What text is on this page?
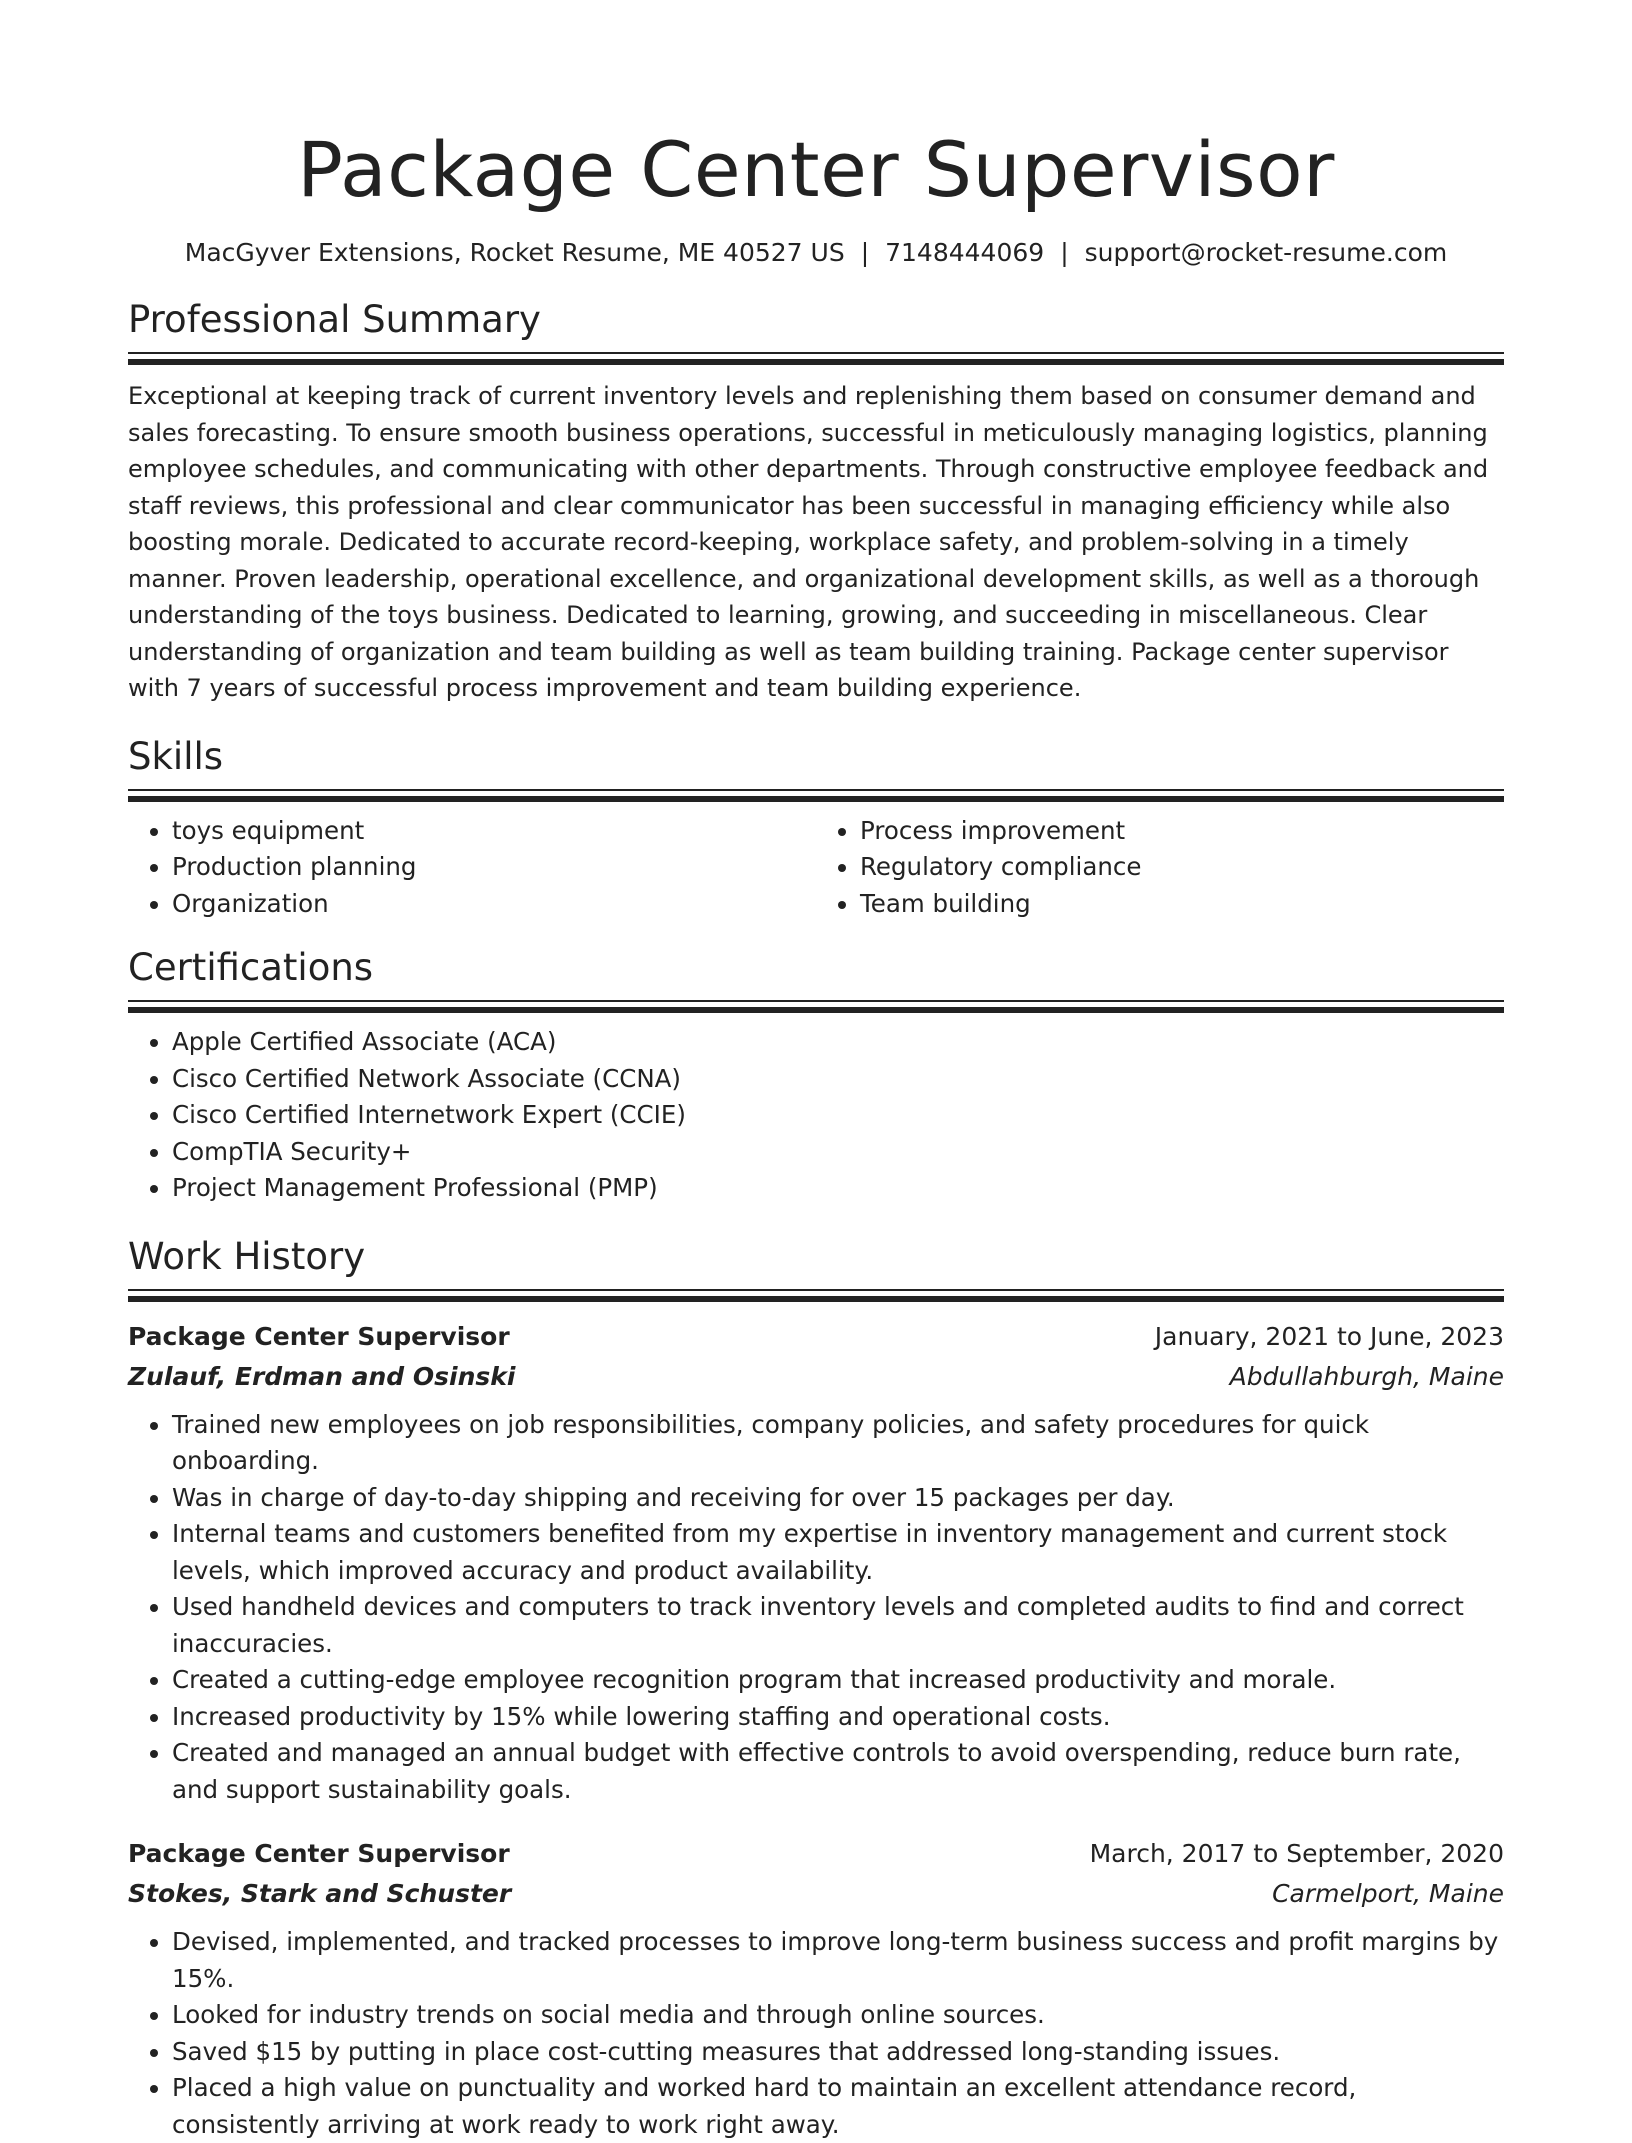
Package Center Supervisor
MacGyver Extensions, Rocket Resume, ME 40527 US | 7148444069 | support@rocket-resume.com
Professional Summary
Exceptional at keeping track of current inventory levels and replenishing them based on consumer demand and sales forecasting. To ensure smooth business operations, successful in meticulously managing logistics, planning employee schedules, and communicating with other departments. Through constructive employee feedback and staff reviews, this professional and clear communicator has been successful in managing efficiency while also boosting morale. Dedicated to accurate record-keeping, workplace safety, and problem-solving in a timely manner. Proven leadership, operational excellence, and organizational development skills, as well as a thorough understanding of the toys business. Dedicated to learning, growing, and succeeding in miscellaneous. Clear understanding of organization and team building as well as team building training. Package center supervisor with 7 years of successful process improvement and team building experience.
Skills
• toys equipment
• Production planning
• Organization
• Process improvement
• Regulatory compliance
• Team building
Certifications
• Apple Certified Associate (ACA)
• Cisco Certified Network Associate (CCNA)
• Cisco Certified Internetwork Expert (CCIE)
• CompTIA Security+
• Project Management Professional (PMP)
Work History
Package Center Supervisor	January, 2021 to June, 2023
Zulauf, Erdman and Osinski	Abdullahburgh, Maine
• Trained new employees on job responsibilities, company policies, and safety procedures for quick onboarding.
• Was in charge of day-to-day shipping and receiving for over 15 packages per day.
• Internal teams and customers benefited from my expertise in inventory management and current stock levels, which improved accuracy and product availability.
• Used handheld devices and computers to track inventory levels and completed audits to find and correct inaccuracies.
• Created a cutting-edge employee recognition program that increased productivity and morale.
• Increased productivity by 15% while lowering staffing and operational costs.
• Created and managed an annual budget with effective controls to avoid overspending, reduce burn rate, and support sustainability goals.
Package Center Supervisor	March, 2017 to September, 2020
Stokes, Stark and Schuster	Carmelport, Maine
• Devised, implemented, and tracked processes to improve long-term business success and profit margins by 15%.
• Looked for industry trends on social media and through online sources.
• Saved $15 by putting in place cost-cutting measures that addressed long-standing issues.
• Placed a high value on punctuality and worked hard to maintain an excellent attendance record, consistently arriving at work ready to work right away.
